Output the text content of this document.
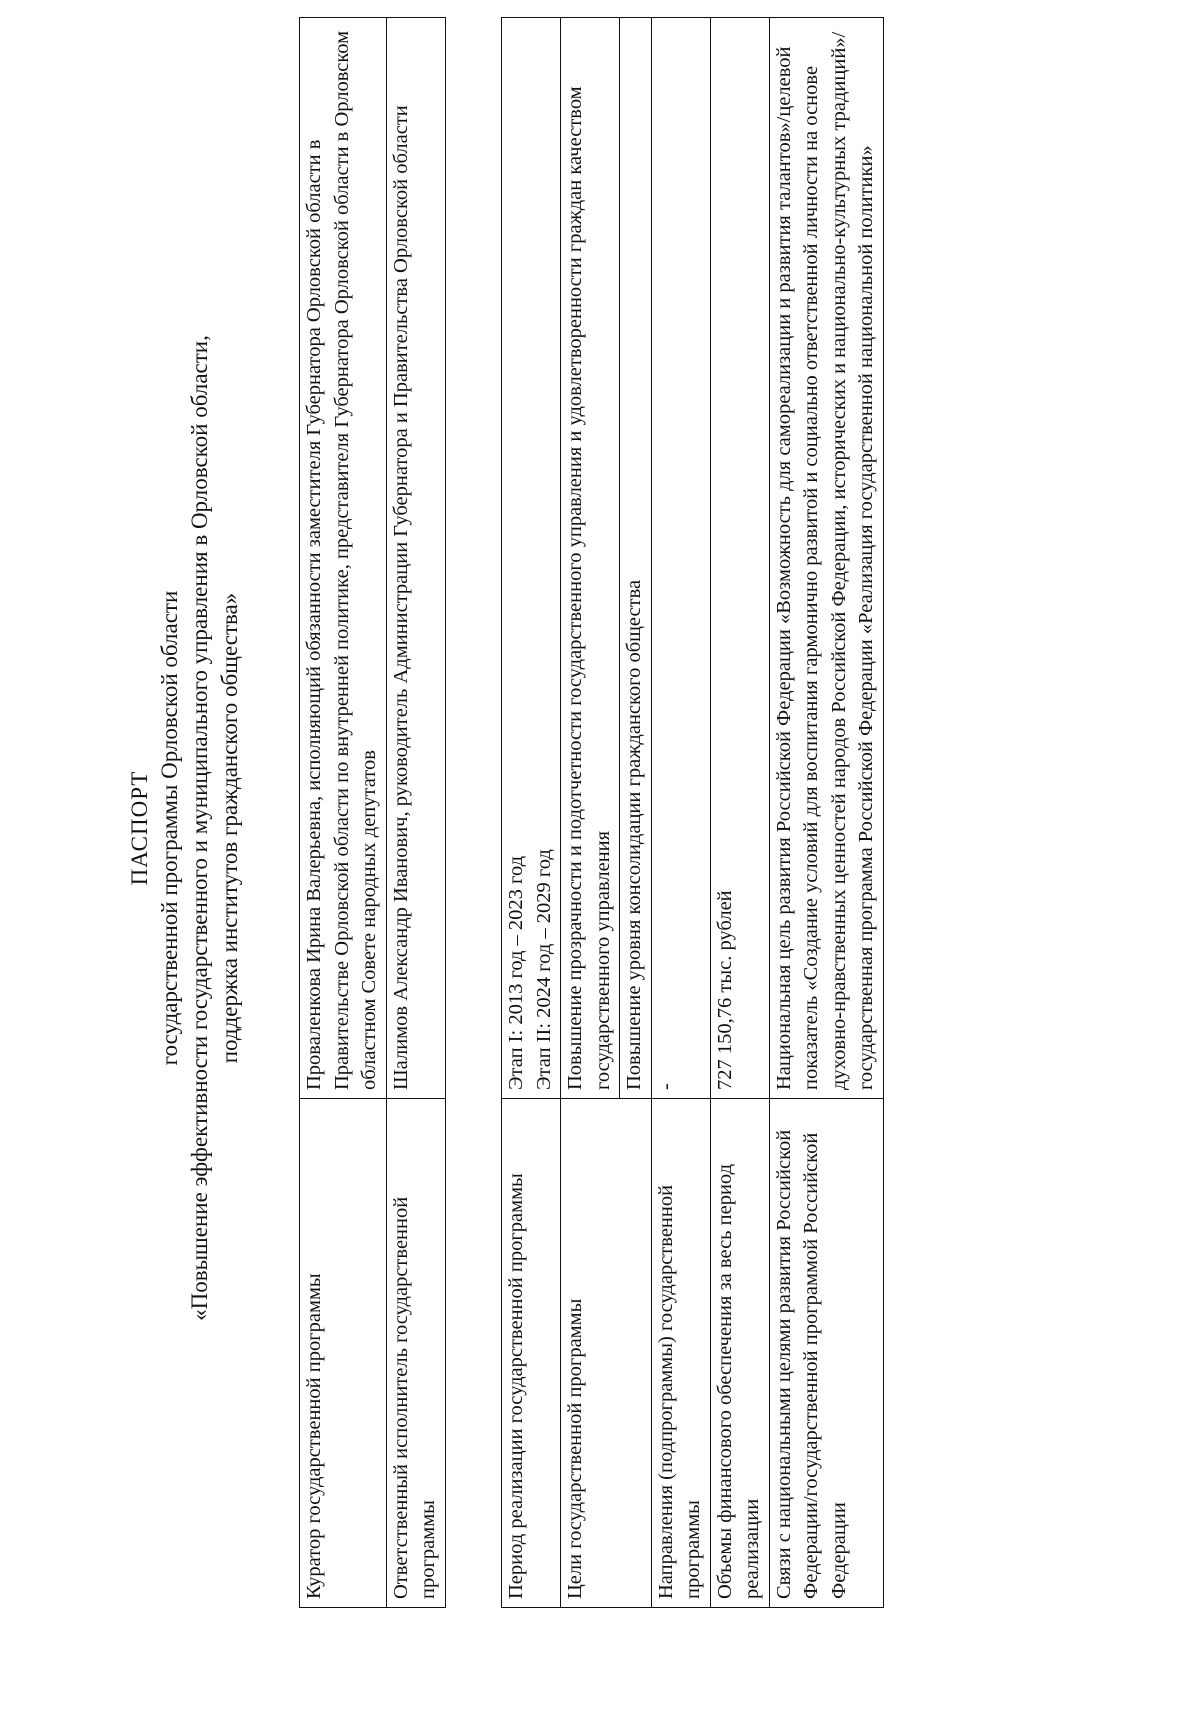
ПАСПОРТ государственной программы Орловской области «Повышение эффективности государственного и муниципального управления в Орловской области, поддержка институтов гражданского общества»
Куратор государственной программы	Проваленкова Ирина Валерьевна, исполняющий обязанности заместителя Губернатора Орловской области в Правительстве Орловской области по внутренней политике, представителя Губернатора Орловской области в Орловском областном Совете народных депутатов
Ответственный исполнитель государственной программы	Шалимов Александр Иванович, руководитель Администрации Губернатора и Правительства Орловской области
Период реализации государственной программы	Этап I: 2013 год – 2023 год Этап II: 2024 год – 2029 год

Цели государственной программы	Повышение прозрачности и подотчетности государственного управления и удовлетворенности граждан качеством государственного управления
	Повышение уровня консолидации гражданского общества
Направления (подпрограммы) государственной программы	-
Объемы финансового обеспечения за весь период реализации	727 150,76 тыс. рублей
Связи с национальными целями развития Российской Федерации/государственной программой Российской Федерации	Национальная цель развития Российской Федерации «Возможность для самореализации и развития талантов»/целевой показатель «Создание условий для воспитания гармонично развитой и социально ответственной личности на основе духовно-нравственных ценностей народов Российской Федерации, исторических и национально-культурных традиций»/государственная программа Российской Федерации «Реализация государственной национальной политики»
